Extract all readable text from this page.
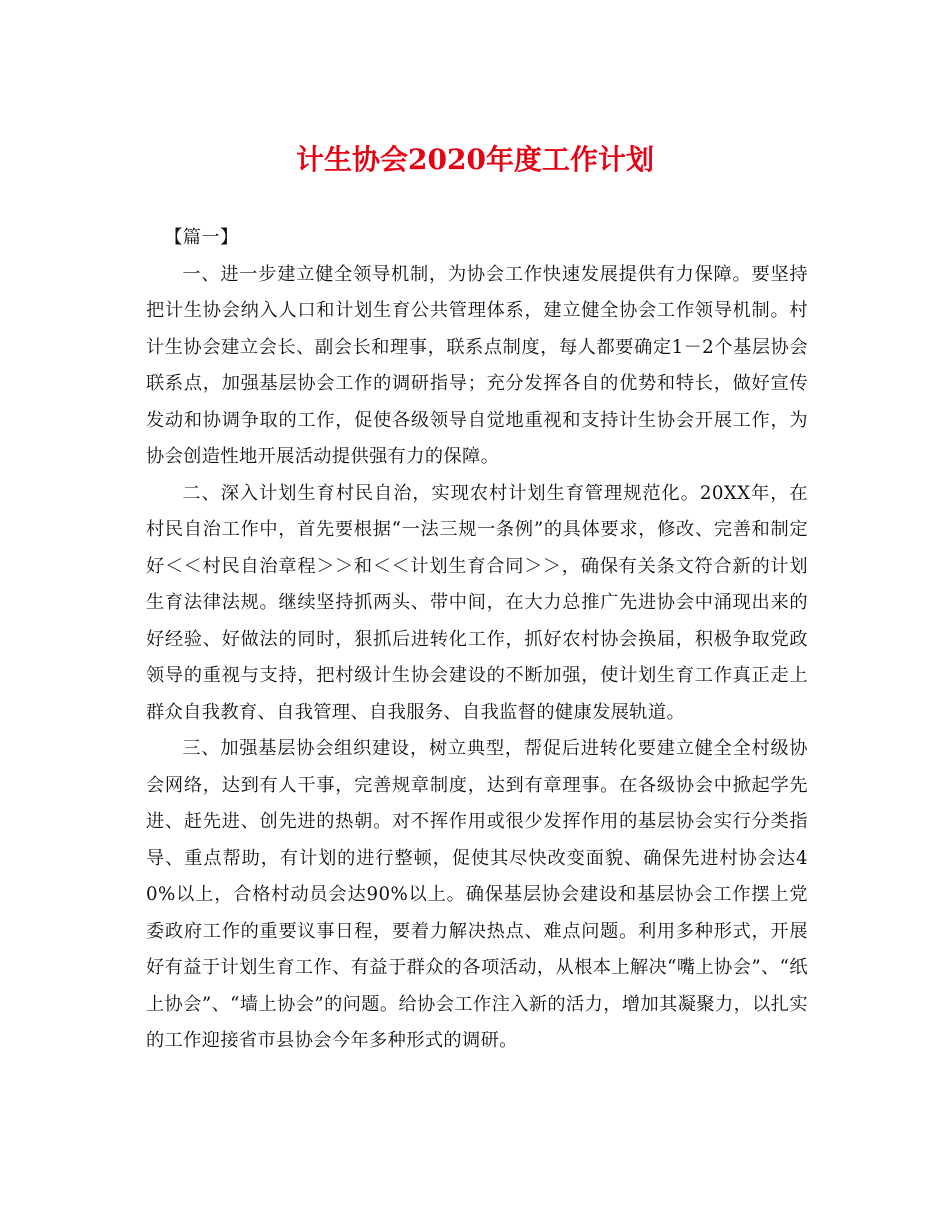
计生协会2020年度工作计划

【篇一】

一、进一步建立健全领导机制，为协会工作快速发展提供有力保障。要坚持把计生协会纳入人口和计划生育公共管理体系，建立健全协会工作领导机制。村计生协会建立会长、副会长和理事，联系点制度，每人都要确定1－2个基层协会联系点，加强基层协会工作的调研指导；充分发挥各自的优势和特长，做好宣传发动和协调争取的工作，促使各级领导自觉地重视和支持计生协会开展工作，为协会创造性地开展活动提供强有力的保障。

二、深入计划生育村民自治，实现农村计划生育管理规范化。20XX年，在村民自治工作中，首先要根据“一法三规一条例”的具体要求，修改、完善和制定好＜＜村民自治章程＞＞和＜＜计划生育合同＞＞，确保有关条文符合新的计划生育法律法规。继续坚持抓两头、带中间，在大力总推广先进协会中涌现出来的好经验、好做法的同时，狠抓后进转化工作，抓好农村协会换届，积极争取党政领导的重视与支持，把村级计生协会建设的不断加强，使计划生育工作真正走上群众自我教育、自我管理、自我服务、自我监督的健康发展轨道。

三、加强基层协会组织建设，树立典型，帮促后进转化要建立健全全村级协会网络，达到有人干事，完善规章制度，达到有章理事。在各级协会中掀起学先进、赶先进、创先进的热朝。对不挥作用或很少发挥作用的基层协会实行分类指导、重点帮助，有计划的进行整顿，促使其尽快改变面貌、确保先进村协会达40%以上，合格村动员会达90%以上。确保基层协会建设和基层协会工作摆上党委政府工作的重要议事日程，要着力解决热点、难点问题。利用多种形式，开展好有益于计划生育工作、有益于群众的各项活动，从根本上解决“嘴上协会”、“纸上协会”、“墙上协会”的问题。给协会工作注入新的活力，增加其凝聚力，以扎实的工作迎接省市县协会今年多种形式的调研。
